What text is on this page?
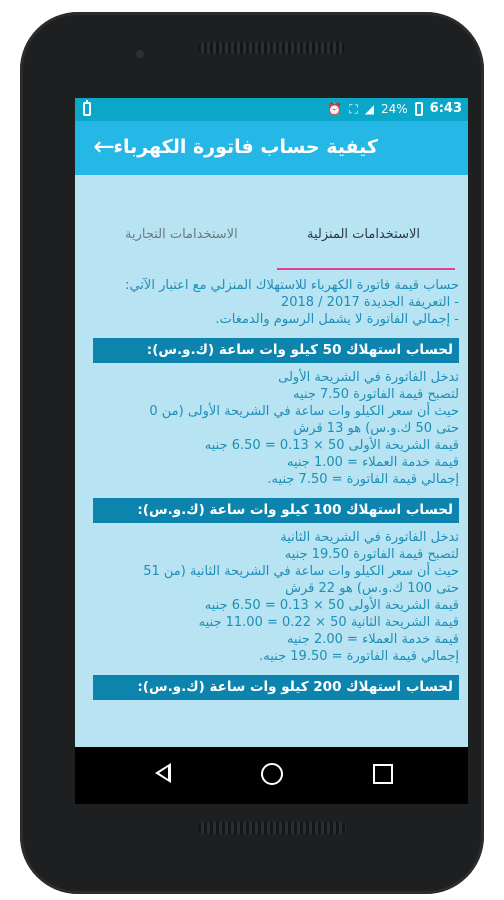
⏰ ⛶ ◢ 24% 6:43
←
كيفية حساب فاتورة الكهرباء
الاستخدامات المنزلية
الاستخدامات التجارية
حساب قيمة فاتورة الكهرباء للاستهلاك المنزلي مع اعتبار الآتي:
- التعريفة الجديدة 2017 / 2018
- إجمالي الفاتورة لا يشمل الرسوم والدمغات.
لحساب استهلاك 50 كيلو وات ساعة (ك.و.س):
تدخل الفاتورة في الشريحة الأولى
لتصبح قيمة الفاتورة 7.50 جنيه
حيث أن سعر الكيلو وات ساعة في الشريحة الأولى (من 0
حتى 50 ك.و.س) هو 13 قرش
قيمة الشريحة الأولى 50 × 0.13 = 6.50 جنيه
قيمة خدمة العملاء = 1.00 جنيه
إجمالي قيمة الفاتورة = 7.50 جنيه.
لحساب استهلاك 100 كيلو وات ساعة (ك.و.س):
تدخل الفاتورة في الشريحة الثانية
لتصبح قيمة الفاتورة 19.50 جنيه
حيث أن سعر الكيلو وات ساعة في الشريحة الثانية (من 51
حتى 100 ك.و.س) هو 22 قرش
قيمة الشريحة الأولى 50 × 0.13 = 6.50 جنيه
قيمة الشريحة الثانية 50 × 0.22 = 11.00 جنيه
قيمة خدمة العملاء = 2.00 جنيه
إجمالي قيمة الفاتورة = 19.50 جنيه.
لحساب استهلاك 200 كيلو وات ساعة (ك.و.س):
